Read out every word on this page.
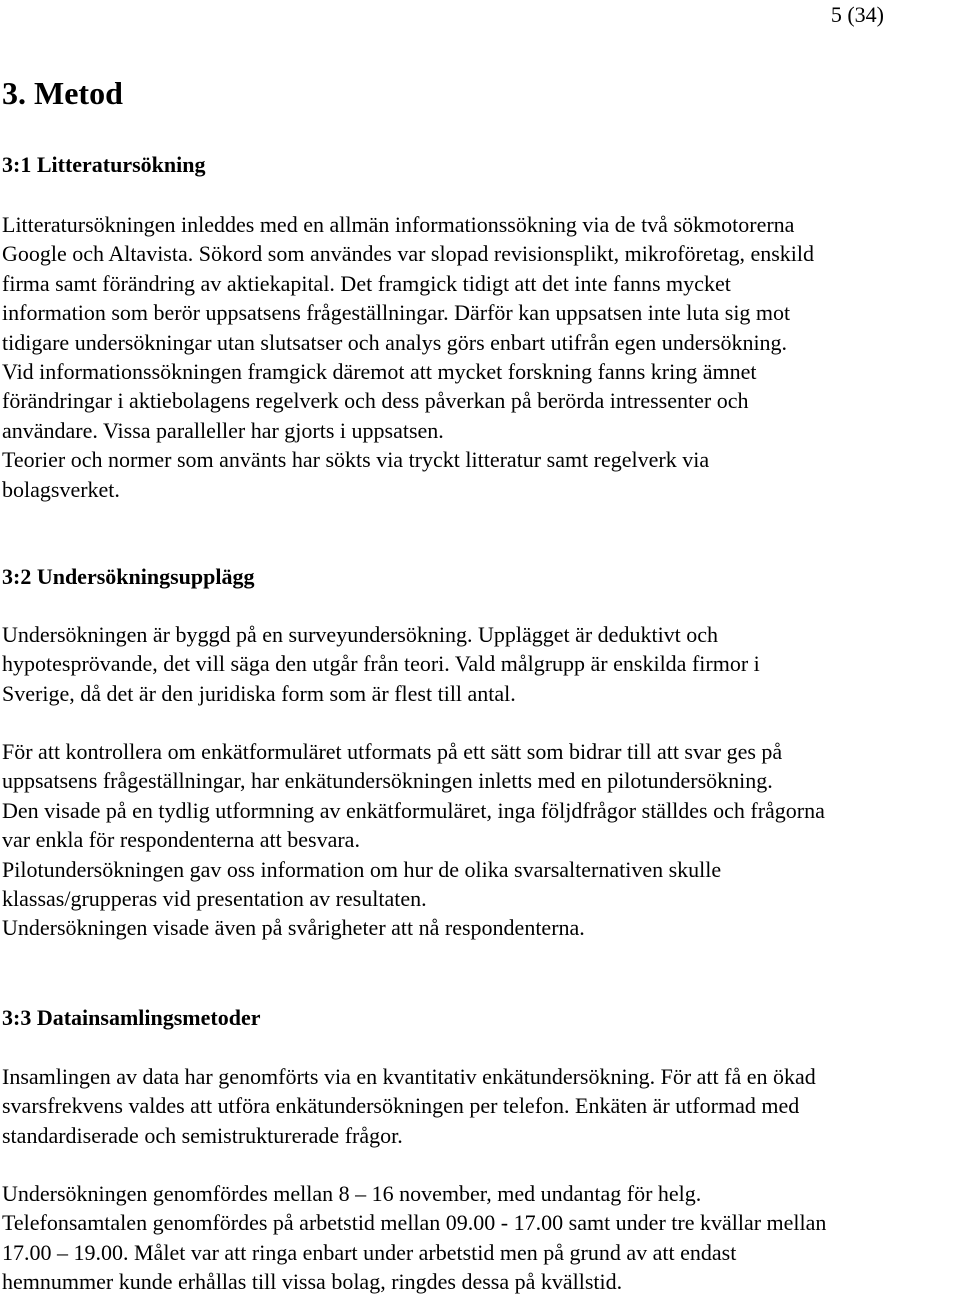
5 (34)
3. Metod
3:1 Litteratursökning
Litteratursökningen inleddes med en allmän informationssökning via de två sökmotorerna
Google och Altavista. Sökord som användes var slopad revisionsplikt, mikroföretag, enskild
firma samt förändring av aktiekapital. Det framgick tidigt att det inte fanns mycket
information som berör uppsatsens frågeställningar. Därför kan uppsatsen inte luta sig mot
tidigare undersökningar utan slutsatser och analys görs enbart utifrån egen undersökning.
Vid informationssökningen framgick däremot att mycket forskning fanns kring ämnet
förändringar i aktiebolagens regelverk och dess påverkan på berörda intressenter och
användare. Vissa paralleller har gjorts i uppsatsen.
Teorier och normer som använts har sökts via tryckt litteratur samt regelverk via
bolagsverket.
3:2 Undersökningsupplägg
Undersökningen är byggd på en surveyundersökning. Upplägget är deduktivt och
hypotesprövande, det vill säga den utgår från teori. Vald målgrupp är enskilda firmor i
Sverige, då det är den juridiska form som är flest till antal.
För att kontrollera om enkätformuläret utformats på ett sätt som bidrar till att svar ges på
uppsatsens frågeställningar, har enkätundersökningen inletts med en pilotundersökning.
Den visade på en tydlig utformning av enkätformuläret, inga följdfrågor ställdes och frågorna
var enkla för respondenterna att besvara.
Pilotundersökningen gav oss information om hur de olika svarsalternativen skulle
klassas/grupperas vid presentation av resultaten.
Undersökningen visade även på svårigheter att nå respondenterna.
3:3 Datainsamlingsmetoder
Insamlingen av data har genomförts via en kvantitativ enkätundersökning. För att få en ökad
svarsfrekvens valdes att utföra enkätundersökningen per telefon. Enkäten är utformad med
standardiserade och semistrukturerade frågor.
Undersökningen genomfördes mellan 8 – 16 november, med undantag för helg.
Telefonsamtalen genomfördes på arbetstid mellan 09.00 - 17.00 samt under tre kvällar mellan
17.00 – 19.00. Målet var att ringa enbart under arbetstid men på grund av att endast
hemnummer kunde erhållas till vissa bolag, ringdes dessa på kvällstid.
